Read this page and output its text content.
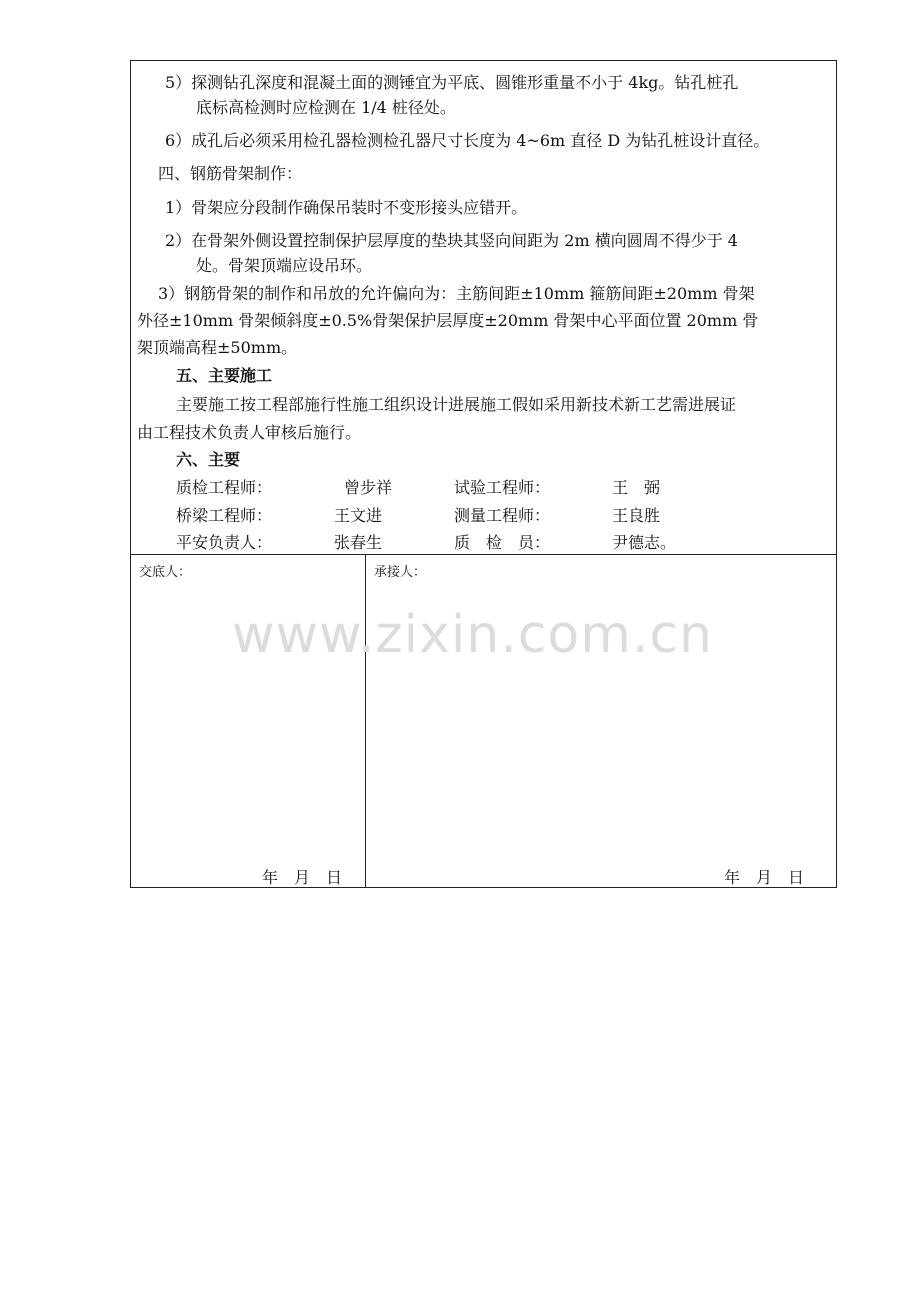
5）探测钻孔深度和混凝土面的测锤宜为平底、圆锥形重量不小于 4kg。钻孔桩孔
底标高检测时应检测在 1/4 桩径处。
6）成孔后必须采用检孔器检测检孔器尺寸长度为 4~6m 直径 D 为钻孔桩设计直径。
四、钢筋骨架制作：
1）骨架应分段制作确保吊装时不变形接头应错开。
2）在骨架外侧设置控制保护层厚度的垫块其竖向间距为 2m 横向圆周不得少于 4
处。骨架顶端应设吊环。
3）钢筋骨架的制作和吊放的允许偏向为：主筋间距±10mm 箍筋间距±20mm 骨架
外径±10mm 骨架倾斜度±0.5%骨架保护层厚度±20mm 骨架中心平面位置 20mm 骨
架顶端高程±50mm。
五、主要施工
主要施工按工程部施行性施工组织设计进展施工假如采用新技术新工艺需进展证
由工程技术负责人审核后施行。
六、主要
质检工程师：	曾步祥	试验工程师：	王　弼
桥梁工程师：	王文进	测量工程师：	王良胜
平安负责人：	张春生	质　检　员：	尹德志。
交底人：	承接人：
www.zixin.com.cn
年　月　日	年　月　日
